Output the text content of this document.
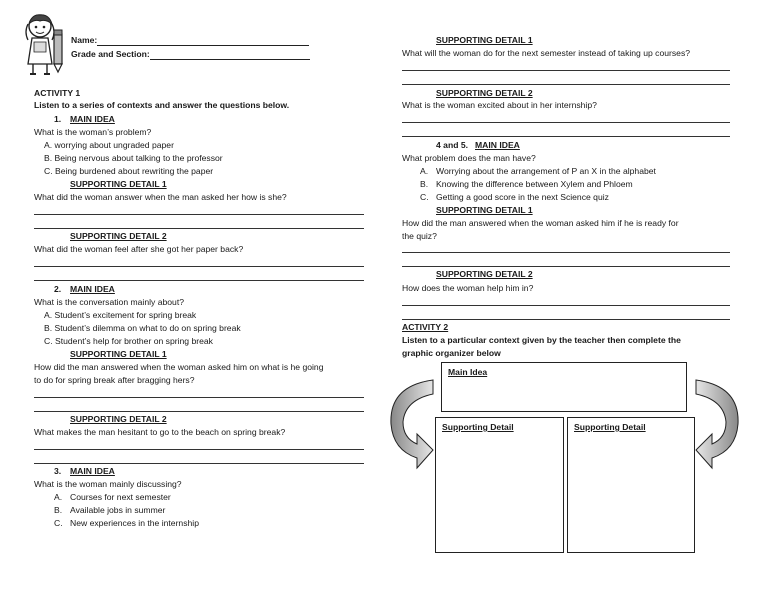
Name:
Grade and Section:
ACTIVITY 1
Listen to a series of contexts and answer the questions below.
1. MAIN IDEA
What is the woman’s problem?
A. worrying about ungraded paper
B. Being nervous about talking to the professor
C. Being burdened about rewriting the paper
SUPPORTING DETAIL 1
What did the woman answer when the man asked her how is she?
SUPPORTING DETAIL 2
What did the woman feel after she got her paper back?
2. MAIN IDEA
What is the conversation mainly about?
A. Student’s excitement for spring break
B. Student’s dilemma on what to do on spring break
C. Student’s help for brother on spring break
SUPPORTING DETAIL 1
How did the man answered when the woman asked him on what is he going
to do for spring break after bragging hers?
SUPPORTING DETAIL 2
What makes the man hesitant to go to the beach on spring break?
3. MAIN IDEA
What is the woman mainly discussing?
A. Courses for next semester
B. Available jobs in summer
C. New experiences in the internship
SUPPORTING DETAIL 1
What will the woman do for the next semester instead of taking up courses?
SUPPORTING DETAIL 2
What is the woman excited about in her internship?
4 and 5. MAIN IDEA
What problem does the man have?
A. Worrying about the arrangement of P an X in the alphabet
B. Knowing the difference between Xylem and Phloem
C. Getting a good score in the next Science quiz
SUPPORTING DETAIL 1
How did the man answered when the woman asked him if he is ready for
the quiz?
SUPPORTING DETAIL 2
How does the woman help him in?
ACTIVITY 2
Listen to a particular context given by the teacher then complete the
graphic organizer below
Main Idea
Supporting Detail	Supporting Detail
